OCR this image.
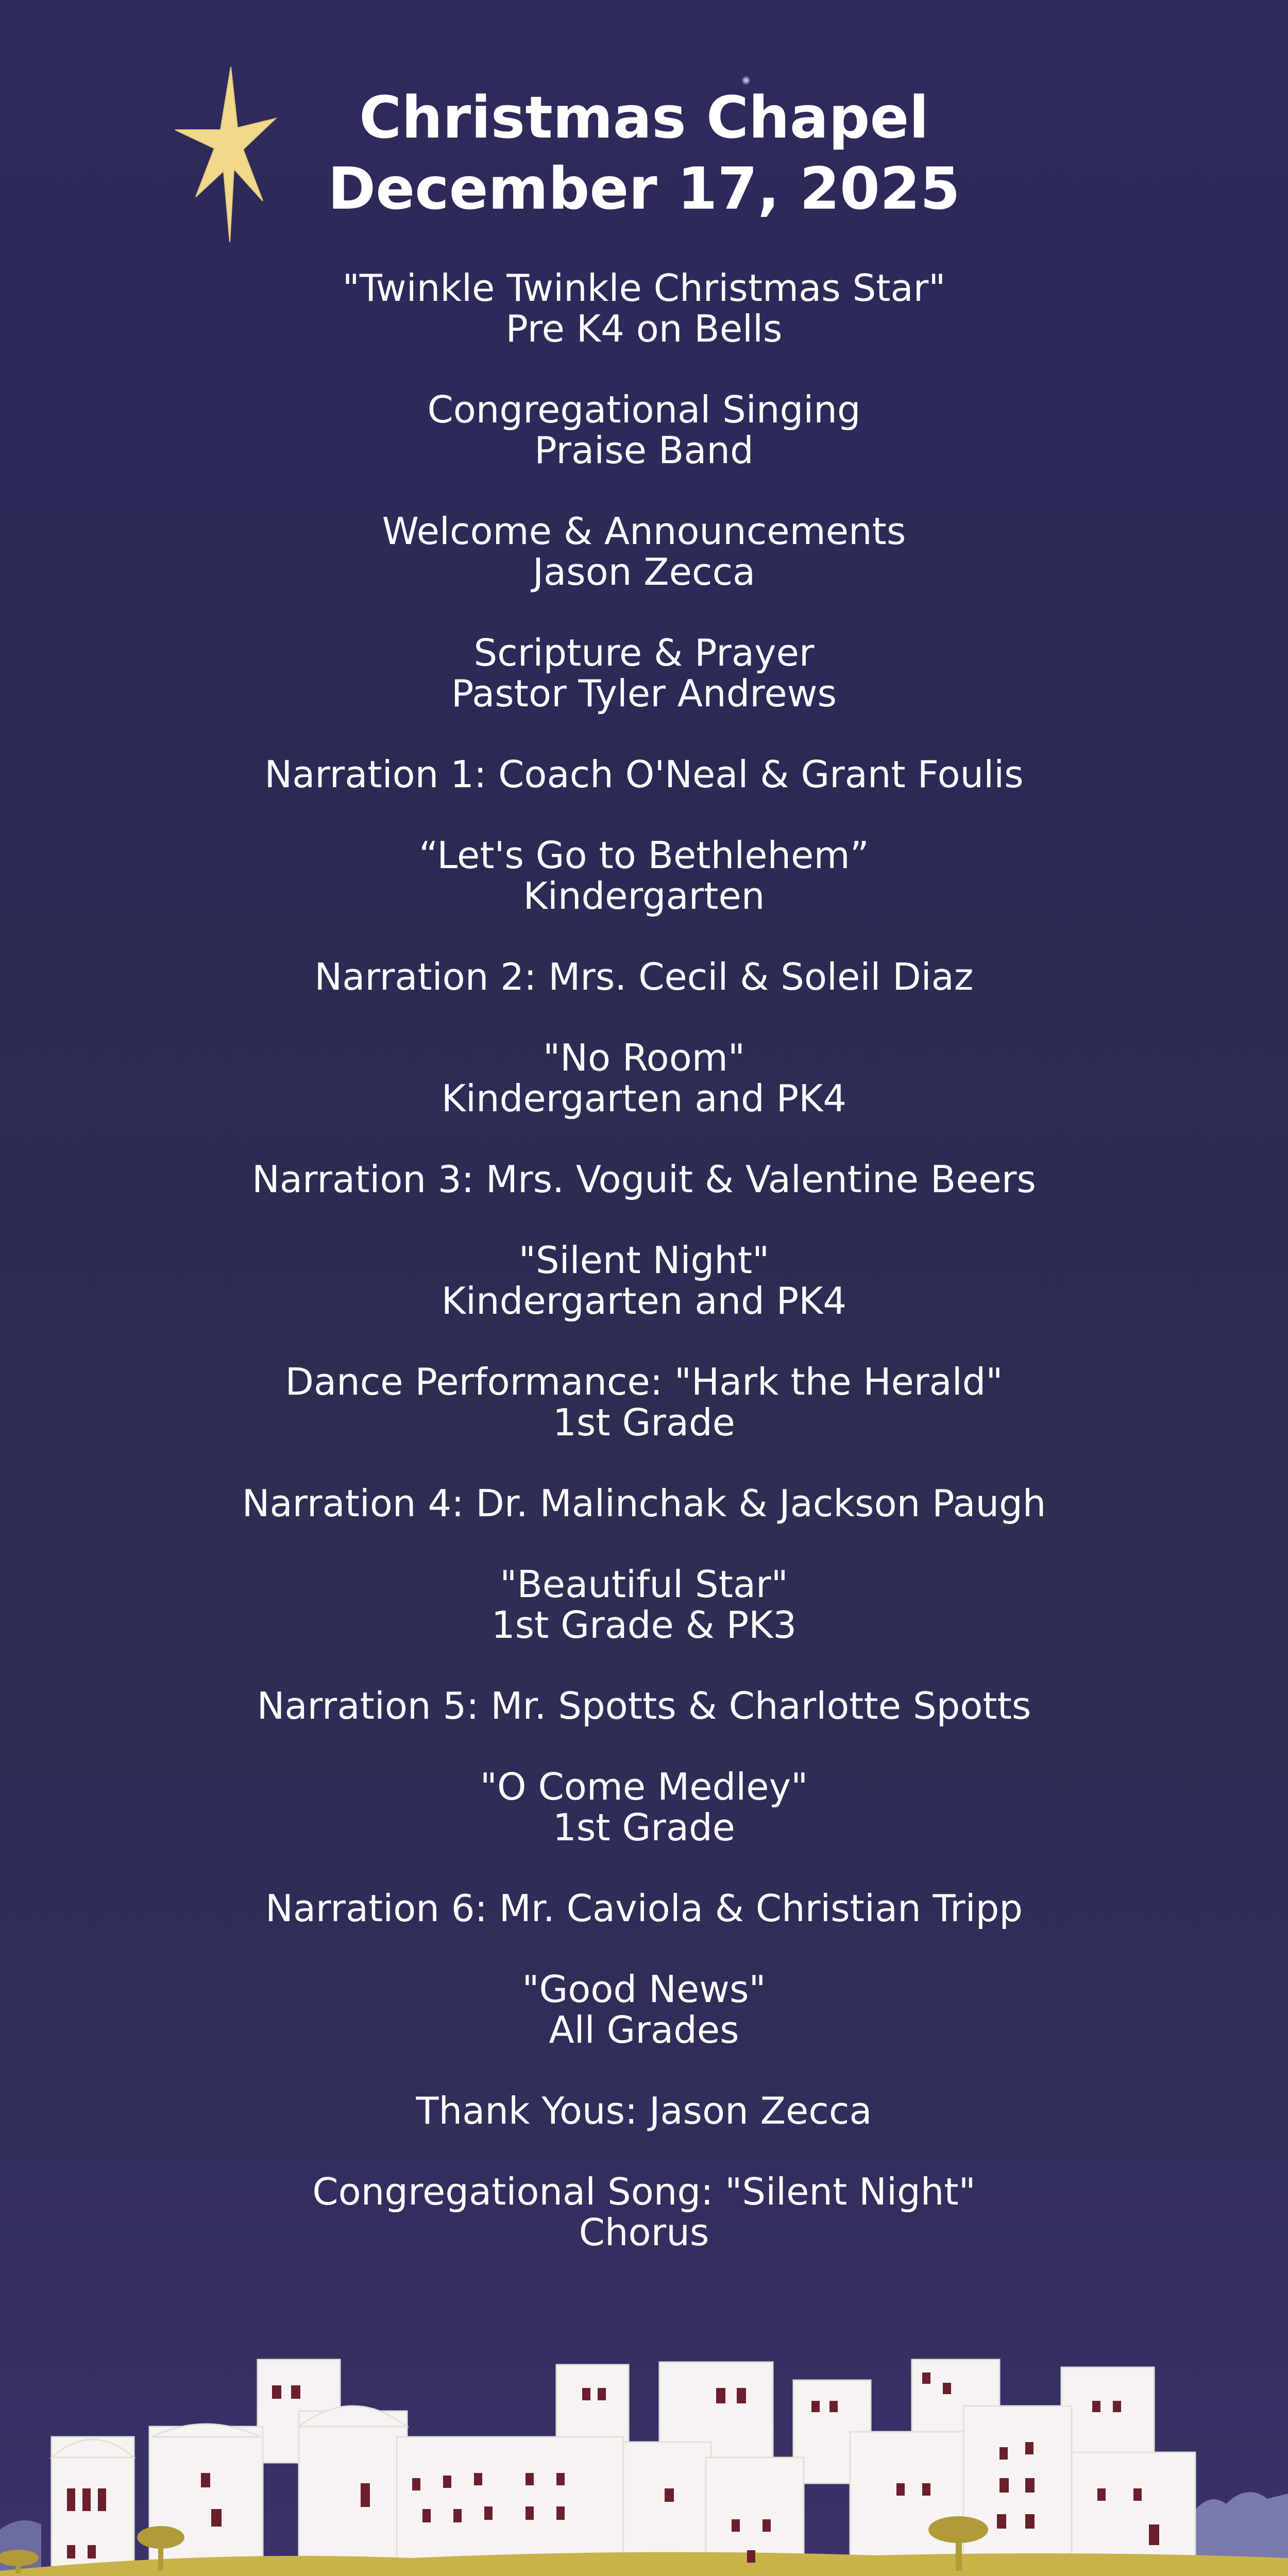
Christmas Chapel
December 17, 2025
"Twinkle Twinkle Christmas Star"
Pre K4 on Bells
Congregational Singing
Praise Band
Welcome & Announcements
Jason Zecca
Scripture & Prayer
Pastor Tyler Andrews
Narration 1: Coach O'Neal & Grant Foulis
“Let's Go to Bethlehem”
Kindergarten
Narration 2: Mrs. Cecil & Soleil Diaz
"No Room"
Kindergarten and PK4
Narration 3: Mrs. Voguit & Valentine Beers
"Silent Night"
Kindergarten and PK4
Dance Performance: "Hark the Herald"
1st Grade
Narration 4: Dr. Malinchak & Jackson Paugh
"Beautiful Star"
1st Grade & PK3
Narration 5: Mr. Spotts & Charlotte Spotts
"O Come Medley"
1st Grade
Narration 6: Mr. Caviola & Christian Tripp
"Good News"
All Grades
Thank Yous: Jason Zecca
Congregational Song: "Silent Night"
Chorus
